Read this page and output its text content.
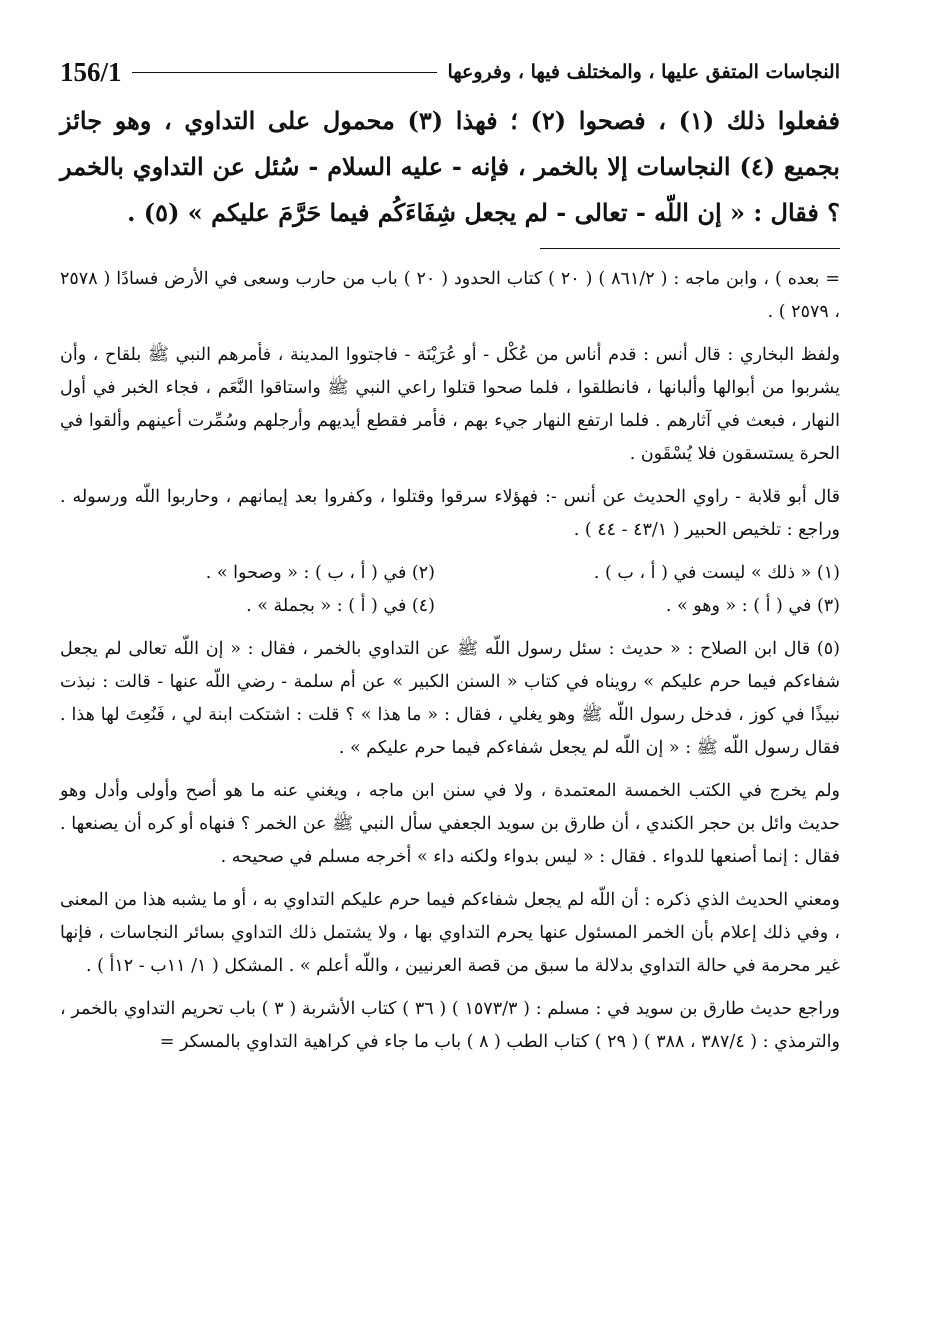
156/1	النجاسات المتفق عليها ، والمختلف فيها ، وفروعها

ففعلوا ذلك (١) ، فصحوا (٢) ؛ فهذا (٣) محمول على التداوي ، وهو جائز بجميع (٤) النجاسات إلا بالخمر ، فإنه - عليه السلام - سُئل عن التداوي بالخمر ؟ فقال : « إن اللّه - تعالى - لم يجعل شِفَاءَكُم فيما حَرَّمَ عليكم » (٥) .

= بعده ) ، وابن ماجه : ( ٨٦١/٢ ) ( ٢٠ ) كتاب الحدود ( ٢٠ ) باب من حارب وسعى في الأرض فسادًا ( ٢٥٧٨ ، ٢٥٧٩ ) .

ولفظ البخاري : قال أنس : قدم أناس من عُكْل - أو عُرَيْنَة - فاجتووا المدينة ، فأمرهم النبي ﷺ بلقاح ، وأن يشربوا من أبوالها وألبانها ، فانطلقوا ، فلما صحوا قتلوا راعي النبي ﷺ واستاقوا النَّعَم ، فجاء الخبر في أول النهار ، فبعث في آثارهم . فلما ارتفع النهار جيء بهم ، فأمر فقطع أيديهم وأرجلهم وسُمِّرت أعينهم وألقوا في الحرة يستسقون فلا يُسْقَون .

قال أبو قلابة - راوي الحديث عن أنس -: فهؤلاء سرقوا وقتلوا ، وكفروا بعد إيمانهم ، وحاربوا اللّه ورسوله . وراجع : تلخيص الحبير ( ٤٣/١ - ٤٤ ) .

(١) « ذلك » ليست في ( أ ، ب ) .
(٢) في ( أ ، ب ) : « وصحوا » .
(٣) في ( أ ) : « وهو » .
(٤) في ( أ ) : « بجملة » .

(٥) قال ابن الصلاح : « حديث : سئل رسول اللّه ﷺ عن التداوي بالخمر ، فقال : « إن اللّه تعالى لم يجعل شفاءكم فيما حرم عليكم » رويناه في كتاب « السنن الكبير » عن أم سلمة - رضي اللّه عنها - قالت : نبذت نبيذًا في كوز ، فدخل رسول اللّه ﷺ وهو يغلي ، فقال : « ما هذا » ؟ قلت : اشتكت ابنة لي ، فَنُعِتَ لها هذا . فقال رسول اللّه ﷺ : « إن اللّه لم يجعل شفاءكم فيما حرم عليكم » .

ولم يخرج في الكتب الخمسة المعتمدة ، ولا في سنن ابن ماجه ، ويغني عنه ما هو أصح وأولى وأدل وهو حديث وائل بن حجر الكندي ، أن طارق بن سويد الجعفي سأل النبي ﷺ عن الخمر ؟ فنهاه أو كره أن يصنعها . فقال : إنما أصنعها للدواء . فقال : « ليس بدواء ولكنه داء » أخرجه مسلم في صحيحه .

ومعني الحديث الذي ذكره : أن اللّه لم يجعل شفاءكم فيما حرم عليكم التداوي به ، أو ما يشبه هذا من المعنى ، وفي ذلك إعلام بأن الخمر المسئول عنها يحرم التداوي بها ، ولا يشتمل ذلك التداوي بسائر النجاسات ، فإنها غير محرمة في حالة التداوي بدلالة ما سبق من قصة العرنيين ، واللّه أعلم » . المشكل ( ١/ ١١ب - ١٢أ ) .

وراجع حديث طارق بن سويد في : مسلم : ( ١٥٧٣/٣ ) ( ٣٦ ) كتاب الأشربة ( ٣ ) باب تحريم التداوي بالخمر ، والترمذي : ( ٣٨٧/٤ ، ٣٨٨ ) ( ٢٩ ) كتاب الطب ( ٨ ) باب ما جاء في كراهية التداوي بالمسكر =
